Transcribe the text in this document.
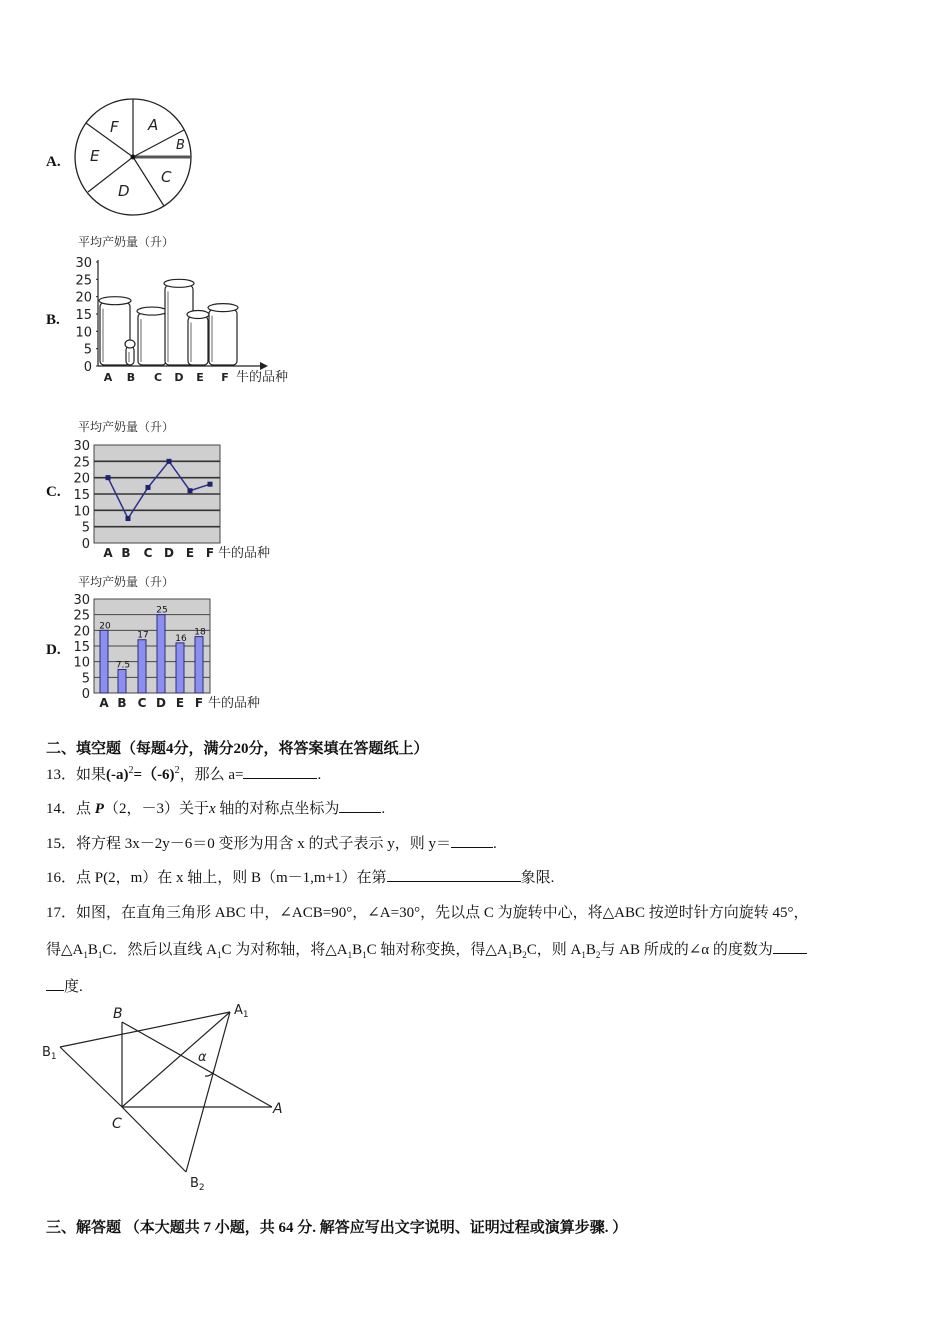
A.
A
B
C
D
E
F
B.
平均产奶量（升）
30
25
20
15
10
5
0
A B C D E F 牛的品种
C.
平均产奶量（升）
30
25
20
15
10
5
0
A B C D E F 牛的品种
D.
平均产奶量（升）
30
25
20
15
10
5
0
20
7.5
17
25
16
18
A B C D E F 牛的品种
二、填空题（每题4分，满分20分，将答案填在答题纸上）
13．如果$(-a)^2=(-6)^2$，那么 a=	.
14．点 P（2，－3）关于x 轴的对称点坐标为	.
15．将方程 3x－2y－6＝0 变形为用含 x 的式子表示 y，则 y＝	.
16．点 P(2，m）在 x 轴上，则 B（m－1,m+1）在第	象限.
17．如图，在直角三角形 ABC 中，∠ACB=90°，∠A=30°，先以点 C 为旋转中心，将△ABC 按逆时针方向旋转 45°，
得$\triangle A_1B_1C$．然后以直线 $A_1C$ 为对称轴，将$\triangle A_1B_1C$ 轴对称变换，得$\triangle A_1B_2C$，则 $A_1B_2$与 AB 所成的∠α 的度数为
度.
B	$A_1$
$B_1$	α
A
C
$B_2$
三、解答题 （本大题共 7 小题，共 64 分. 解答应写出文字说明、证明过程或演算步骤. ）
